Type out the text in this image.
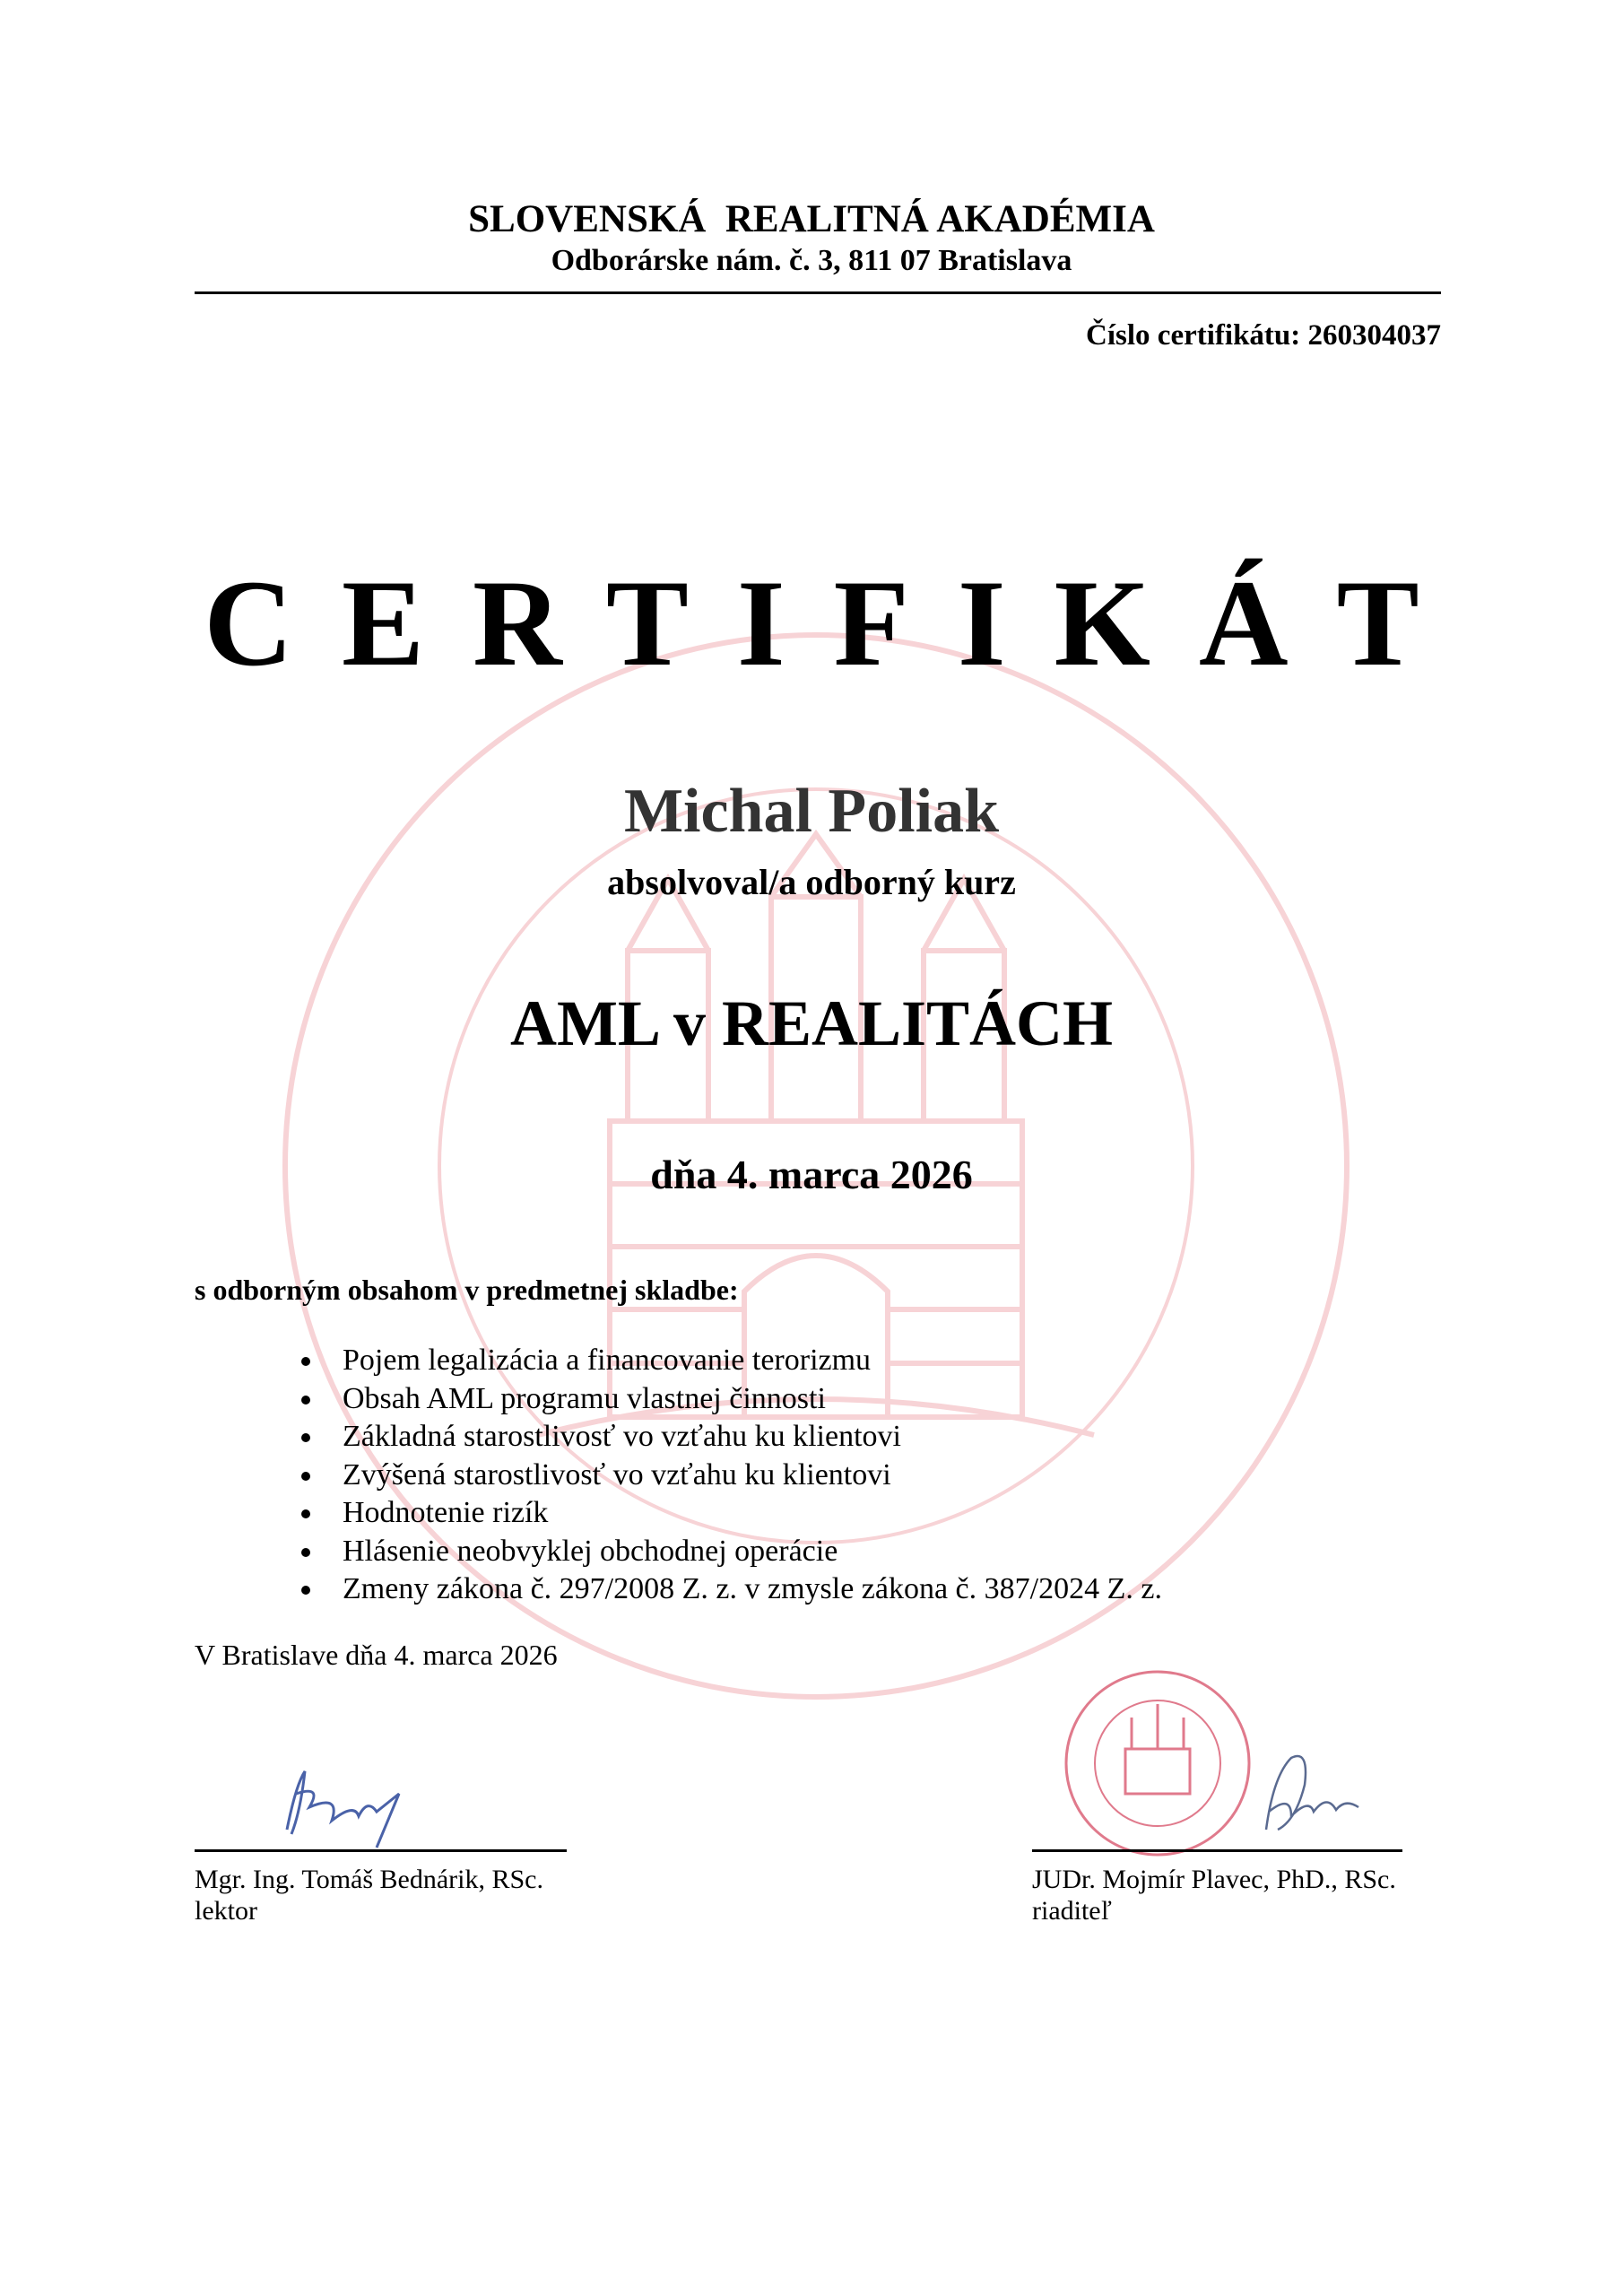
SLOVENSKÁ  REALITNÁ AKADÉMIA
Odborárske nám. č. 3, 811 07 Bratislava
Číslo certifikátu: 260304037
CERTIFIKÁT
Michal Poliak
absolvoval/a odborný kurz
AML v REALITÁCH
dňa 4. marca 2026
s odborným obsahom v predmetnej skladbe:
Pojem legalizácia a financovanie terorizmu
Obsah AML programu vlastnej činnosti
Základná starostlivosť vo vzťahu ku klientovi
Zvýšená starostlivosť vo vzťahu ku klientovi
Hodnotenie rizík
Hlásenie neobvyklej obchodnej operácie
Zmeny zákona č. 297/2008 Z. z. v zmysle zákona č. 387/2024 Z. z.
V Bratislave dňa 4. marca 2026
Mgr. Ing. Tomáš Bednárik, RSc.
lektor
JUDr. Mojmír Plavec, PhD., RSc.
riaditeľ
